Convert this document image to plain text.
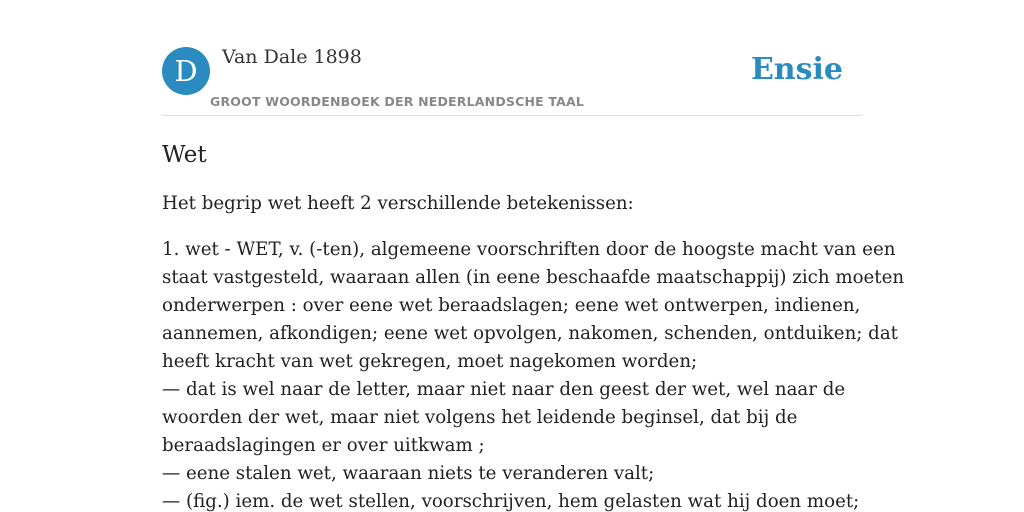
D	Van Dale 1898
GROOT WOORDENBOEK DER NEDERLANDSCHE TAAL
Ensie
Wet

Het begrip wet heeft 2 verschillende betekenissen:

1. wet - WET, v. (-ten), algemeene voorschriften door de hoogste macht van een
staat vastgesteld, waaraan allen (in eene beschaafde maatschappij) zich moeten
onderwerpen : over eene wet beraadslagen; eene wet ontwerpen, indienen,
aannemen, afkondigen; eene wet opvolgen, nakomen, schenden, ontduiken; dat
heeft kracht van wet gekregen, moet nagekomen worden;
— dat is wel naar de letter, maar niet naar den geest der wet, wel naar de
woorden der wet, maar niet volgens het leidende beginsel, dat bij de
beraadslagingen er over uitkwam ;
— eene stalen wet, waaraan niets te veranderen valt;
— (fig.) iem. de wet stellen, voorschrijven, hem gelasten wat hij doen moet;
